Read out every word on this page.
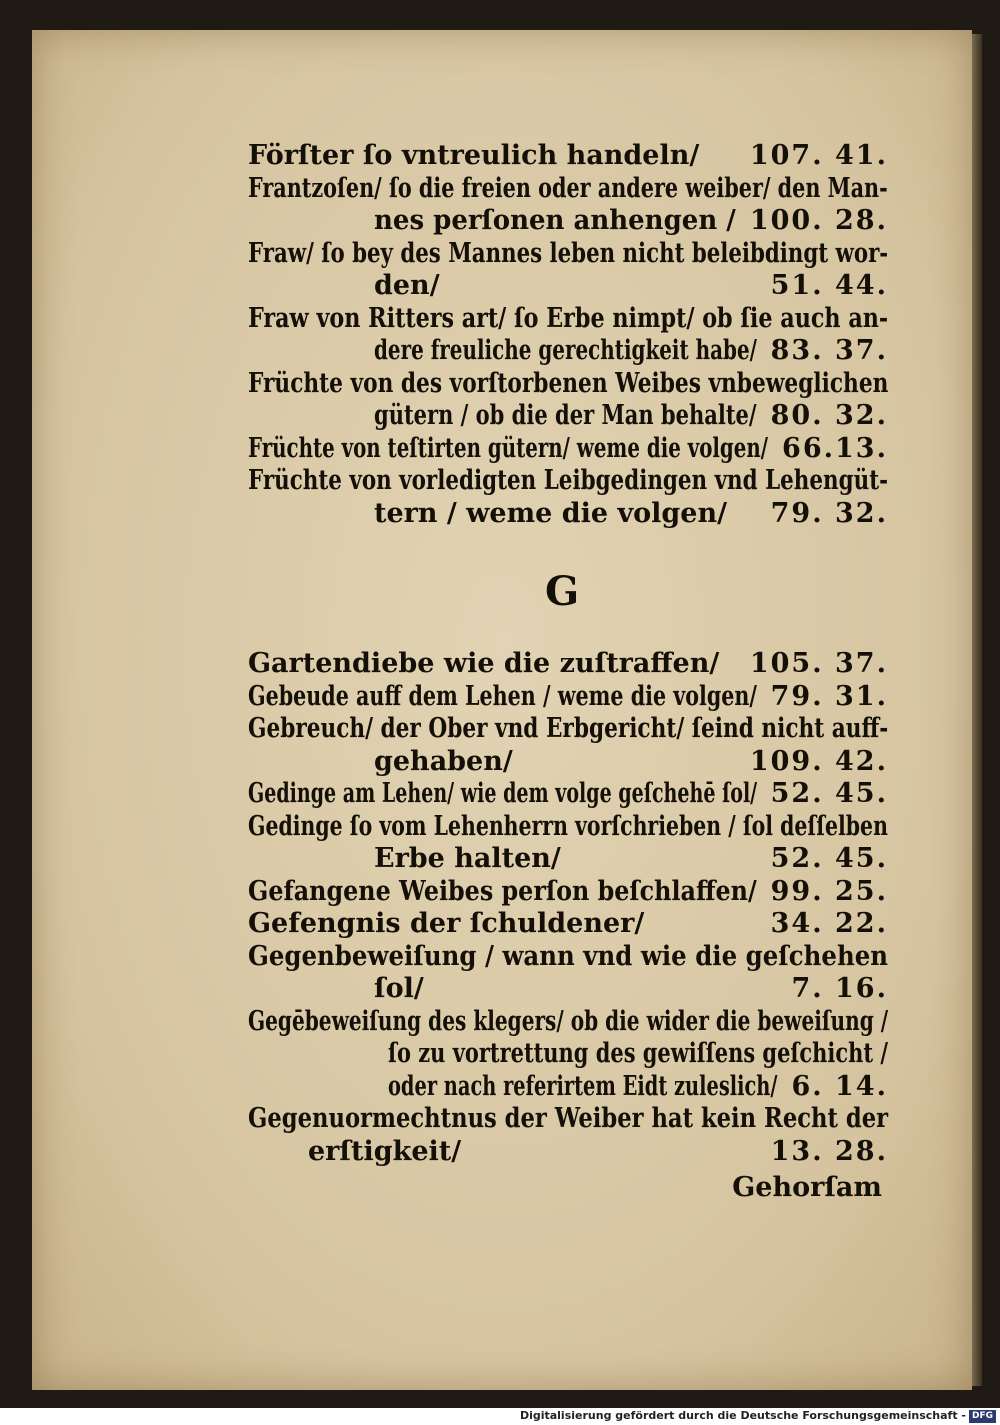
Förſter ſo vntreulich handeln/ 107. 41.
Frantzoſen/ ſo die freien oder andere weiber/ den Man-
nes perſonen anhengen / 100. 28.
Fraw/ ſo bey des Mannes leben nicht beleibdingt wor-
den/	51. 44.
Fraw von Ritters art/ ſo Erbe nimpt/ ob ſie auch an-
dere freuliche gerechtigkeit habe/ 83. 37.
Früchte von des vorſtorbenen Weibes vnbeweglichen
gütern / ob die der Man behalte/ 80. 32.
Früchte von teſtirten gütern/ weme die volgen/ 66.13.
Früchte von vorledigten Leibgedingen vnd Lehengüt-
tern / weme die volgen/ 79. 32.
G
Gartendiebe wie die zuſtraffen/ 105. 37.
Gebeude auff dem Lehen / weme die volgen/ 79. 31.
Gebreuch/ der Ober vnd Erbgericht/ ſeind nicht auff-
gehaben/	109. 42.
Gedinge am Lehen/ wie dem volge geſchehē ſol/ 52. 45.
Gedinge ſo vom Lehenherrn vorſchrieben / ſol deſſelben
Erbe halten/	52. 45.
Gefangene Weibes perſon beſchlaffen/ 99. 25.
Gefengnis der ſchuldener/	34. 22.
Gegenbeweiſung / wann vnd wie die geſchehen
ſol/	7. 16.
Gegēbeweiſung des klegers/ ob die wider die beweiſung /
ſo zu vortrettung des gewiſſens geſchicht /
oder nach referirtem Eidt zuleslich/ 6. 14.
Gegenuormechtnus der Weiber hat kein Recht der
erſtigkeit/	13. 28.
Gehorſam
Digitalisierung gefördert durch die Deutsche Forschungsgemeinschaft - DFG
